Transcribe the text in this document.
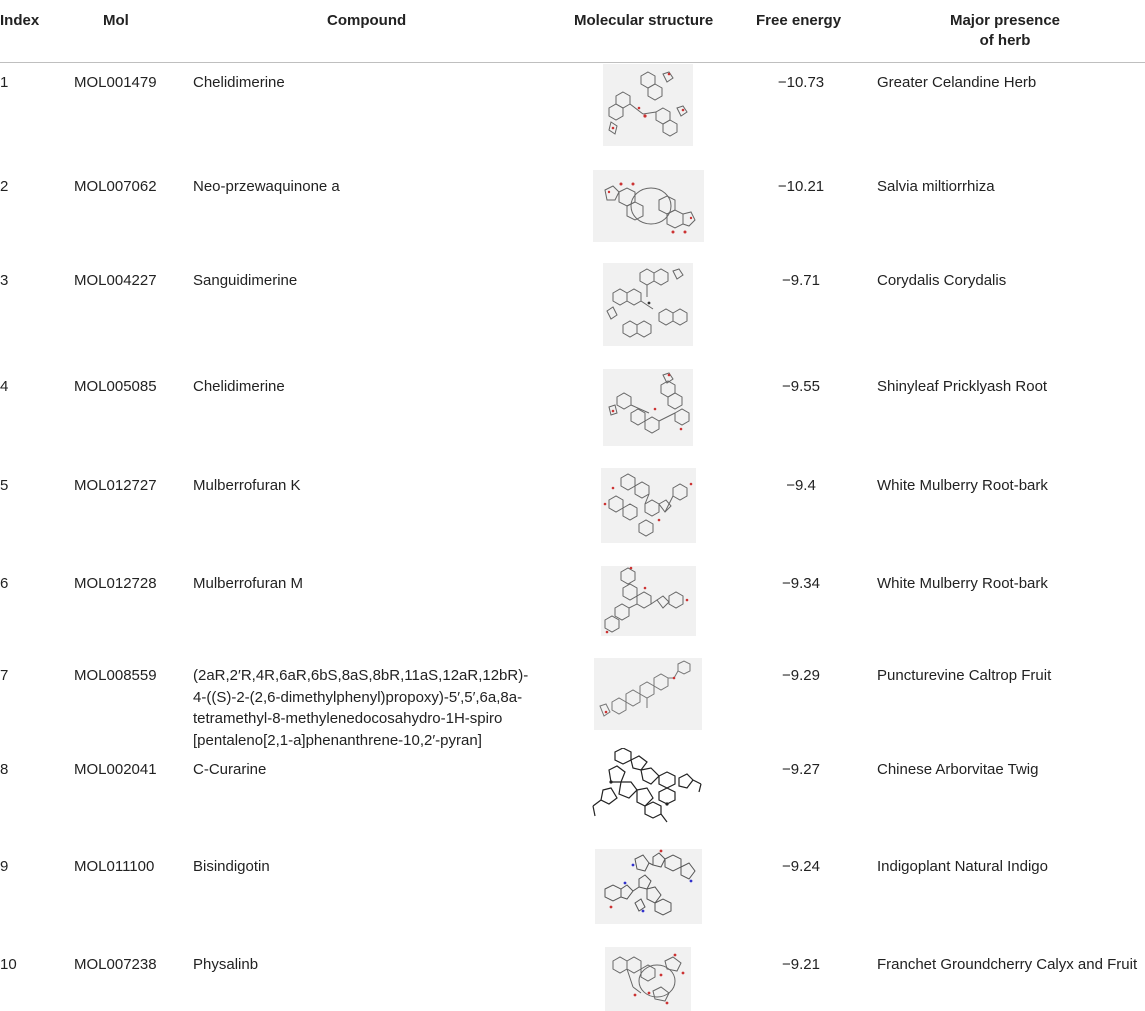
Index	Mol	Compound	Molecular structure	Free energy	Major presence
of herb
1	MOL001479 Chelidimerine	−10.73	Greater Celandine Herb
2	MOL007062 Neo-przewaquinone a	−10.21	Salvia miltiorrhiza
3	MOL004227 Sanguidimerine	−9.71	Corydalis Corydalis
4	MOL005085 Chelidimerine	−9.55	Shinyleaf Pricklyash Root
5	MOL012727 Mulberrofuran K	−9.4	White Mulberry Root-bark
6	MOL012728 Mulberrofuran M	−9.34	White Mulberry Root-bark
7	MOL008559 (2aR,2′R,4R,6aR,6bS,8aS,8bR,11aS,12aR,12bR)-
4-((S)-2-(2,6-dimethylphenyl)propoxy)-5′,5′,6a,8a-
tetramethyl-8-methylenedocosahydro-1H-spiro
[pentaleno[2,1-a]phenanthrene-10,2′-pyran]
−9.29	Puncturevine Caltrop Fruit
8	MOL002041 C-Curarine	−9.27	Chinese Arborvitae Twig
9	MOL011100	Bisindigotin	−9.24	Indigoplant Natural Indigo
10	MOL007238 Physalinb	−9.21	Franchet Groundcherry Calyx and Fruit
